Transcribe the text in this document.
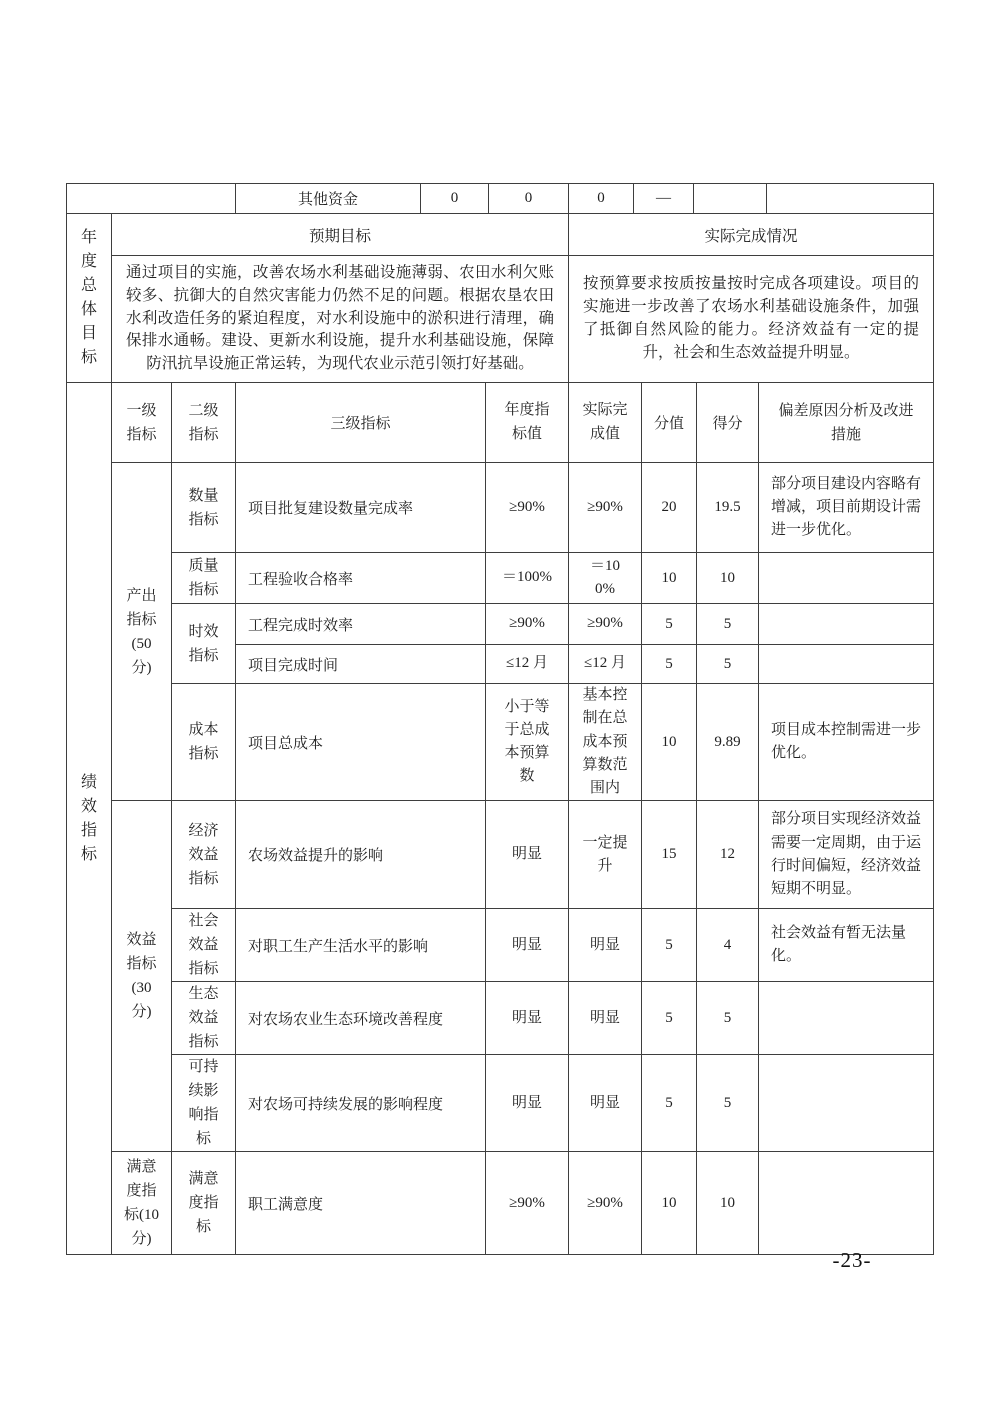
	其他资金	0	0	0	—		
年度总体目标	预期目标	实际完成情况
	通过项目的实施，改善农场水利基础设施薄弱、农田水利欠账较多、抗御大的自然灾害能力仍然不足的问题。根据农垦农田水利改造任务的紧迫程度，对水利设施中的淤积进行清理，确保排水通畅。建设、更新水利设施，提升水利基础设施，保障防汛抗旱设施正常运转，为现代农业示范引领打好基础。	按预算要求按质按量按时完成各项建设。项目的实施进一步改善了农场水利基础设施条件，加强了抵御自然风险的能力。经济效益有一定的提升，社会和生态效益提升明显。
绩效指标	一级指标	二级指标	三级指标	年度指标值	实际完成值	分值	得分	偏差原因分析及改进措施
	产出指标(50分)	数量指标	项目批复建设数量完成率	≥90%	≥90%	20	19.5	部分项目建设内容略有增减，项目前期设计需进一步优化。
		质量指标	工程验收合格率	＝100%	＝100%	10	10	
		时效指标	工程完成时效率	≥90%	≥90%	5	5	
			项目完成时间	≤12 月	≤12 月	5	5	
		成本指标	项目总成本	小于等于总成本预算数	基本控制在总成本预算数范围内	10	9.89	项目成本控制需进一步优化。
	效益指标(30分)	经济效益指标	农场效益提升的影响	明显	一定提升	15	12	部分项目实现经济效益需要一定周期，由于运行时间偏短，经济效益短期不明显。
		社会效益指标	对职工生产生活水平的影响	明显	明显	5	4	社会效益有暂无法量化。
		生态效益指标	对农场农业生态环境改善程度	明显	明显	5	5	
		可持续影响指标	对农场可持续发展的影响程度	明显	明显	5	5	
	满意度指标(10分)	满意度指标	职工满意度	≥90%	≥90%	10	10	
-23-
